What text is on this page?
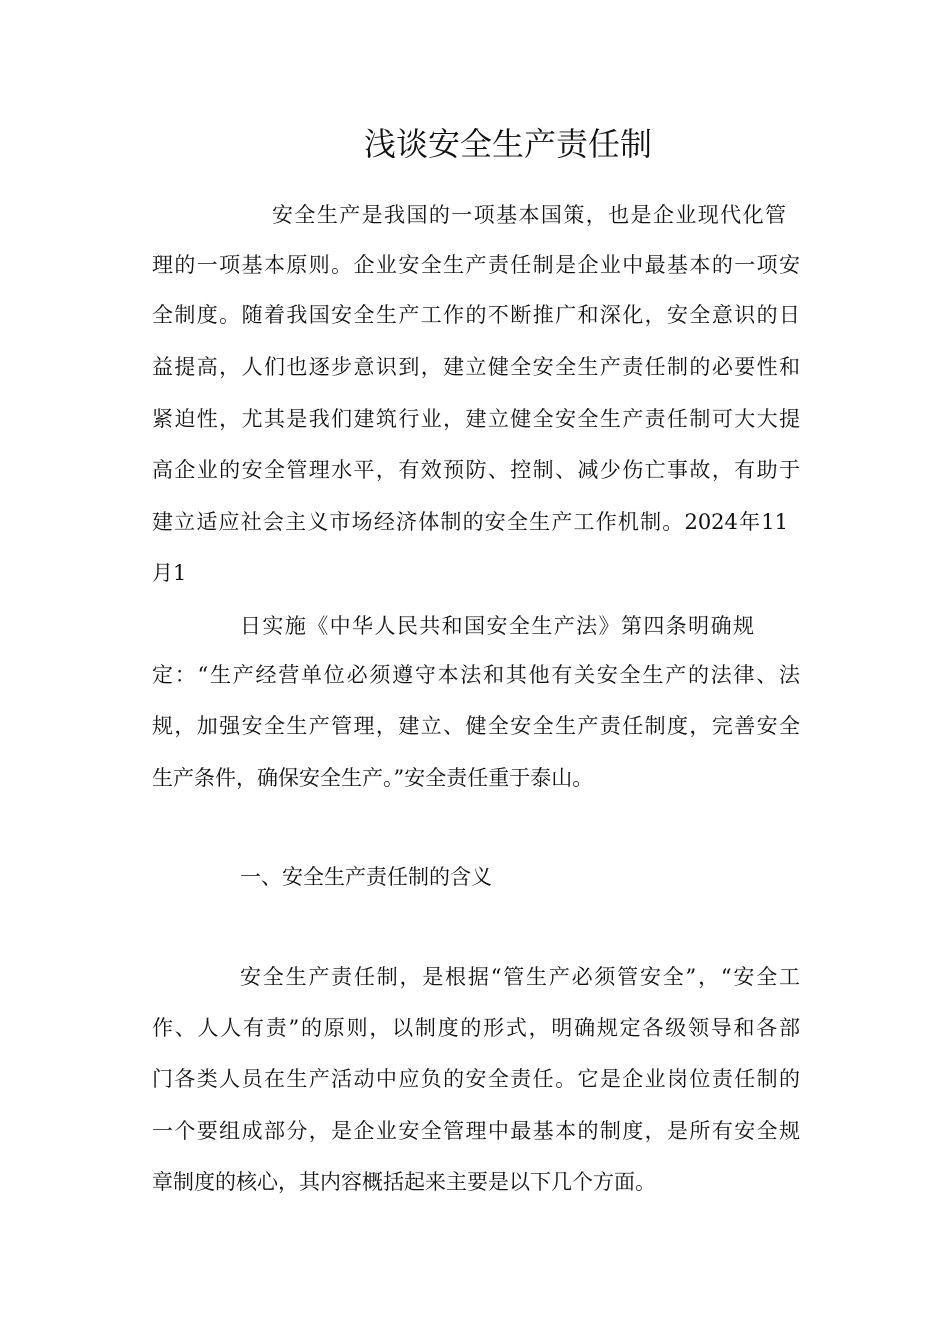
浅谈安全生产责任制
安全生产是我国的一项基本国策，也是企业现代化管
理的一项基本原则。企业安全生产责任制是企业中最基本的一项安
全制度。随着我国安全生产工作的不断推广和深化，安全意识的日
益提高，人们也逐步意识到，建立健全安全生产责任制的必要性和
紧迫性，尤其是我们建筑行业，建立健全安全生产责任制可大大提
高企业的安全管理水平，有效预防、控制、减少伤亡事故，有助于
建立适应社会主义市场经济体制的安全生产工作机制。2024年11
月1
日实施《中华人民共和国安全生产法》第四条明确规
定：“生产经营单位必须遵守本法和其他有关安全生产的法律、法
规，加强安全生产管理，建立、健全安全生产责任制度，完善安全
生产条件，确保安全生产。”安全责任重于泰山。
一、安全生产责任制的含义
安全生产责任制，是根据“管生产必须管安全”，“安全工
作、人人有责”的原则，以制度的形式，明确规定各级领导和各部
门各类人员在生产活动中应负的安全责任。它是企业岗位责任制的
一个要组成部分，是企业安全管理中最基本的制度，是所有安全规
章制度的核心，其内容概括起来主要是以下几个方面。
